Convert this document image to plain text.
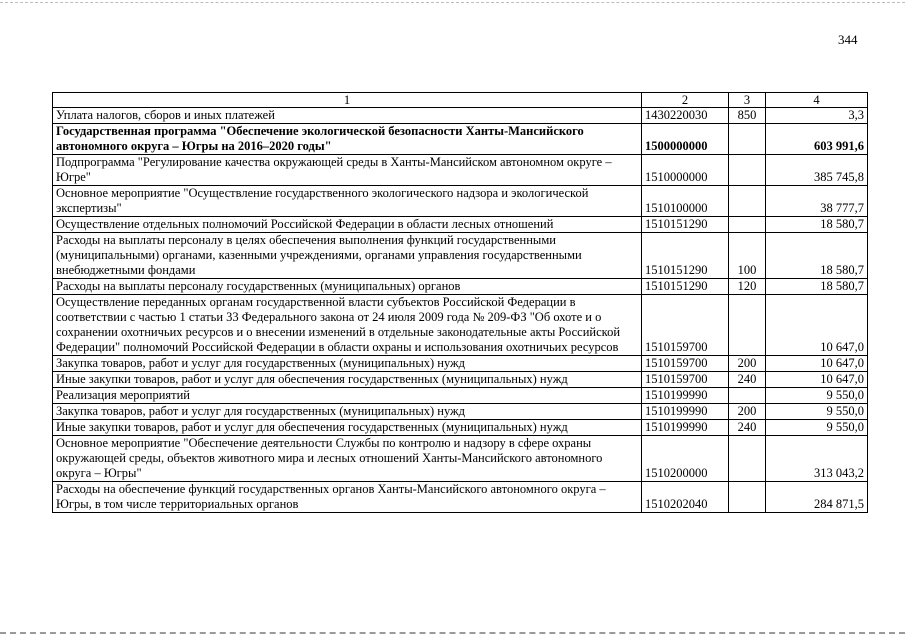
344
1	2	3	4
Уплата налогов, сборов и иных платежей	1430220030	850	3,3
Государственная программа "Обеспечение экологической безопасности Ханты-Мансийского автономного округа – Югры на 2016–2020 годы"	1500000000		603 991,6
Подпрограмма "Регулирование качества окружающей среды в Ханты-Мансийском автономном округе – Югре"	1510000000		385 745,8
Основное мероприятие "Осуществление государственного экологического надзора и экологической экспертизы"	1510100000		38 777,7
Осуществление отдельных полномочий Российской Федерации в области лесных отношений	1510151290		18 580,7
Расходы на выплаты персоналу в целях обеспечения выполнения функций государственными (муниципальными) органами, казенными учреждениями, органами управления государственными внебюджетными фондами	1510151290	100	18 580,7
Расходы на выплаты персоналу государственных (муниципальных) органов	1510151290	120	18 580,7
Осуществление переданных органам государственной власти субъектов Российской Федерации в соответствии с частью 1 статьи 33 Федерального закона от 24 июля 2009 года № 209-ФЗ "Об охоте и о сохранении охотничьих ресурсов и о внесении изменений в отдельные законодательные акты Российской Федерации" полномочий Российской Федерации в области охраны и использования охотничьих ресурсов	1510159700		10 647,0
Закупка товаров, работ и услуг для государственных (муниципальных) нужд	1510159700	200	10 647,0
Иные закупки товаров, работ и услуг для обеспечения государственных (муниципальных) нужд	1510159700	240	10 647,0
Реализация мероприятий	1510199990		9 550,0
Закупка товаров, работ и услуг для государственных (муниципальных) нужд	1510199990	200	9 550,0
Иные закупки товаров, работ и услуг для обеспечения государственных (муниципальных) нужд	1510199990	240	9 550,0
Основное мероприятие "Обеспечение деятельности Службы по контролю и надзору в сфере охраны окружающей среды, объектов животного мира и лесных отношений Ханты-Мансийского автономного округа – Югры"	1510200000		313 043,2
Расходы на обеспечение функций государственных органов Ханты-Мансийского автономного округа – Югры, в том числе территориальных органов	1510202040		284 871,5
